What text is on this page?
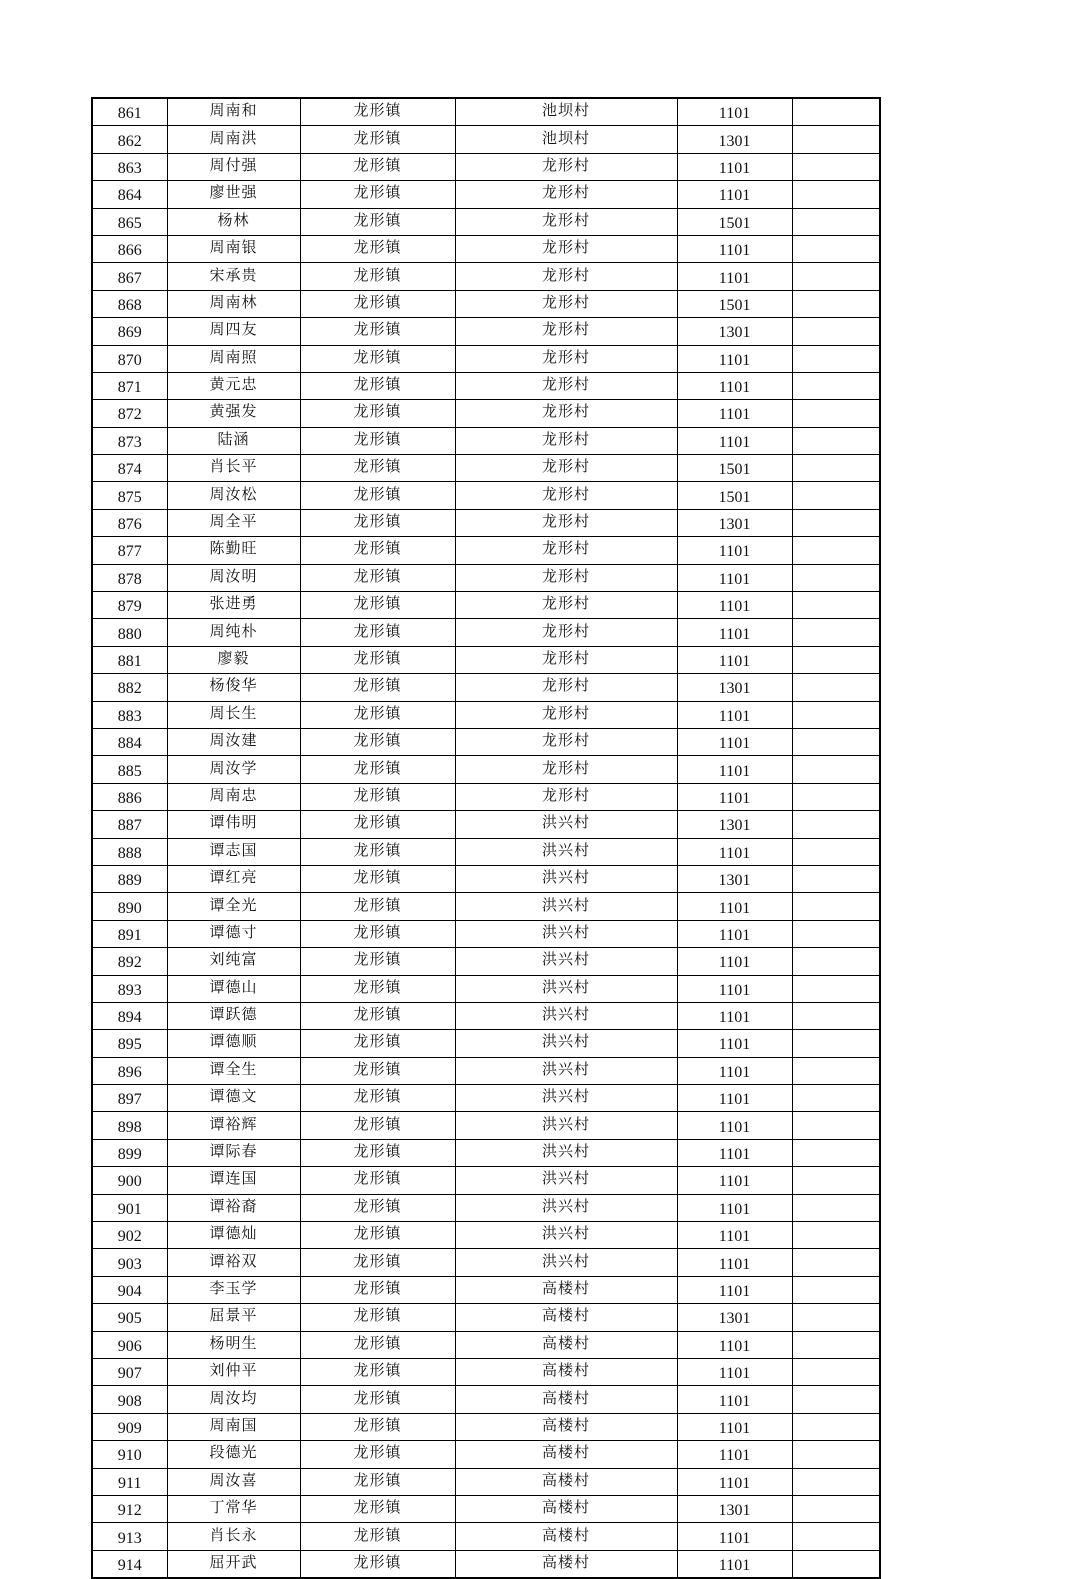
861	周南和	龙形镇	池坝村	1101	
862	周南洪	龙形镇	池坝村	1301	
863	周付强	龙形镇	龙形村	1101	
864	廖世强	龙形镇	龙形村	1101	
865	杨林	龙形镇	龙形村	1501	
866	周南银	龙形镇	龙形村	1101	
867	宋承贵	龙形镇	龙形村	1101	
868	周南林	龙形镇	龙形村	1501	
869	周四友	龙形镇	龙形村	1301	
870	周南照	龙形镇	龙形村	1101	
871	黄元忠	龙形镇	龙形村	1101	
872	黄强发	龙形镇	龙形村	1101	
873	陆涵	龙形镇	龙形村	1101	
874	肖长平	龙形镇	龙形村	1501	
875	周汝松	龙形镇	龙形村	1501	
876	周全平	龙形镇	龙形村	1301	
877	陈勤旺	龙形镇	龙形村	1101	
878	周汝明	龙形镇	龙形村	1101	
879	张进勇	龙形镇	龙形村	1101	
880	周纯朴	龙形镇	龙形村	1101	
881	廖毅	龙形镇	龙形村	1101	
882	杨俊华	龙形镇	龙形村	1301	
883	周长生	龙形镇	龙形村	1101	
884	周汝建	龙形镇	龙形村	1101	
885	周汝学	龙形镇	龙形村	1101	
886	周南忠	龙形镇	龙形村	1101	
887	谭伟明	龙形镇	洪兴村	1301	
888	谭志国	龙形镇	洪兴村	1101	
889	谭红亮	龙形镇	洪兴村	1301	
890	谭全光	龙形镇	洪兴村	1101	
891	谭德寸	龙形镇	洪兴村	1101	
892	刘纯富	龙形镇	洪兴村	1101	
893	谭德山	龙形镇	洪兴村	1101	
894	谭跃德	龙形镇	洪兴村	1101	
895	谭德顺	龙形镇	洪兴村	1101	
896	谭全生	龙形镇	洪兴村	1101	
897	谭德文	龙形镇	洪兴村	1101	
898	谭裕辉	龙形镇	洪兴村	1101	
899	谭际春	龙形镇	洪兴村	1101	
900	谭连国	龙形镇	洪兴村	1101	
901	谭裕裔	龙形镇	洪兴村	1101	
902	谭德灿	龙形镇	洪兴村	1101	
903	谭裕双	龙形镇	洪兴村	1101	
904	李玉学	龙形镇	高楼村	1101	
905	屈景平	龙形镇	高楼村	1301	
906	杨明生	龙形镇	高楼村	1101	
907	刘仲平	龙形镇	高楼村	1101	
908	周汝均	龙形镇	高楼村	1101	
909	周南国	龙形镇	高楼村	1101	
910	段德光	龙形镇	高楼村	1101	
911	周汝喜	龙形镇	高楼村	1101	
912	丁常华	龙形镇	高楼村	1301	
913	肖长永	龙形镇	高楼村	1101	
914	屈开武	龙形镇	高楼村	1101	
